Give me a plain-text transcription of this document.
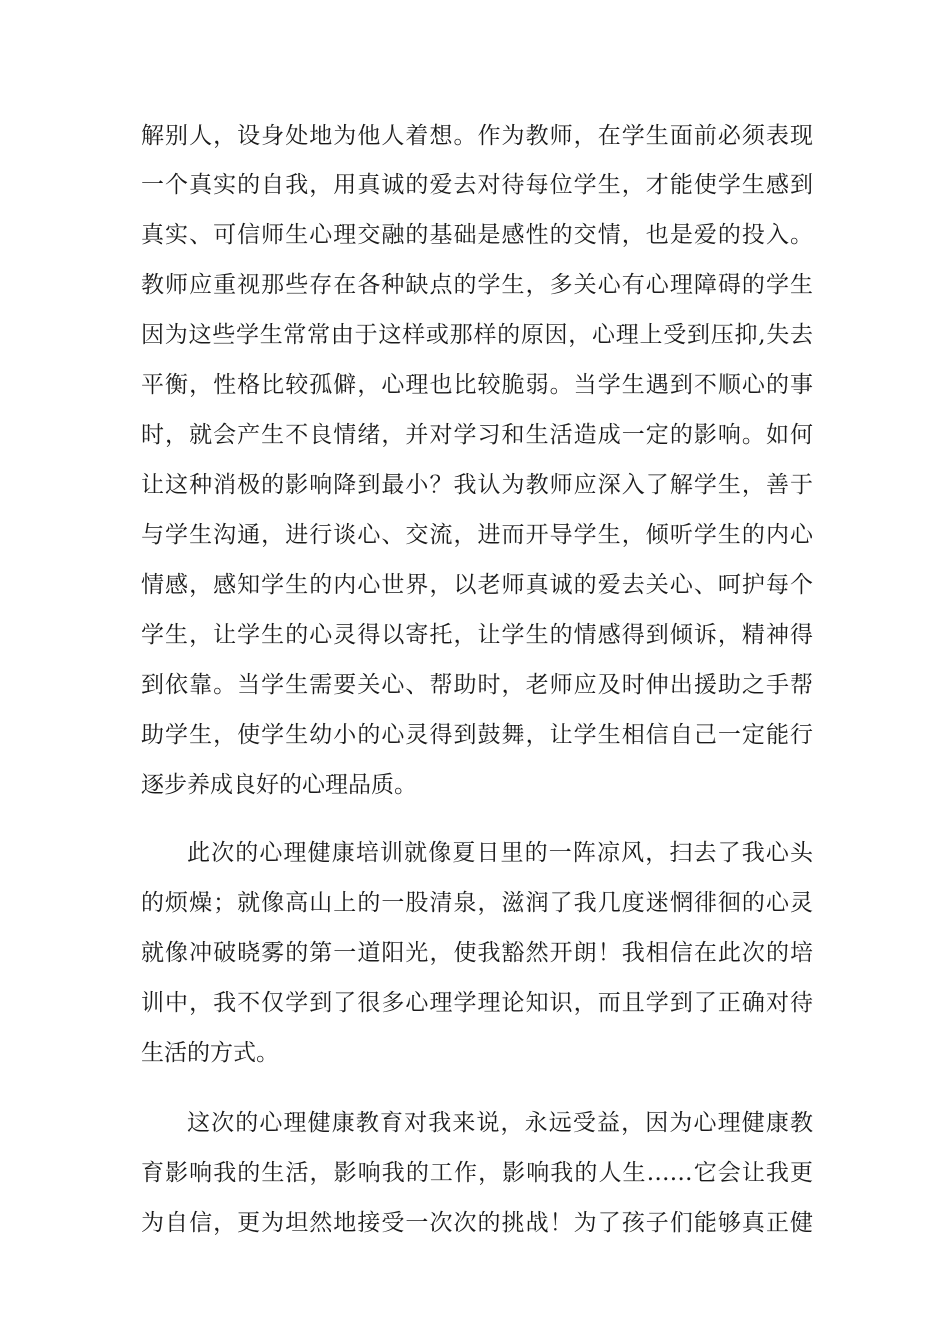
解别人，设身处地为他人着想。作为教师，在学生面前必须表现
一个真实的自我，用真诚的爱去对待每位学生，才能使学生感到
真实、可信师生心理交融的基础是感性的交情，也是爱的投入。
教师应重视那些存在各种缺点的学生，多关心有心理障碍的学生
因为这些学生常常由于这样或那样的原因，心理上受到压抑,失去
平衡，性格比较孤僻，心理也比较脆弱。当学生遇到不顺心的事
时，就会产生不良情绪，并对学习和生活造成一定的影响。如何
让这种消极的影响降到最小？我认为教师应深入了解学生，善于
与学生沟通，进行谈心、交流，进而开导学生，倾听学生的内心
情感，感知学生的内心世界，以老师真诚的爱去关心、呵护每个
学生，让学生的心灵得以寄托，让学生的情感得到倾诉，精神得
到依靠。当学生需要关心、帮助时，老师应及时伸出援助之手帮
助学生，使学生幼小的心灵得到鼓舞，让学生相信自己一定能行
逐步养成良好的心理品质。
此次的心理健康培训就像夏日里的一阵凉风，扫去了我心头
的烦燥；就像高山上的一股清泉，滋润了我几度迷惘徘徊的心灵
就像冲破晓雾的第一道阳光，使我豁然开朗！我相信在此次的培
训中，我不仅学到了很多心理学理论知识，而且学到了正确对待
生活的方式。
这次的心理健康教育对我来说，永远受益，因为心理健康教
育影响我的生活，影响我的工作，影响我的人生……它会让我更
为自信，更为坦然地接受一次次的挑战！为了孩子们能够真正健
